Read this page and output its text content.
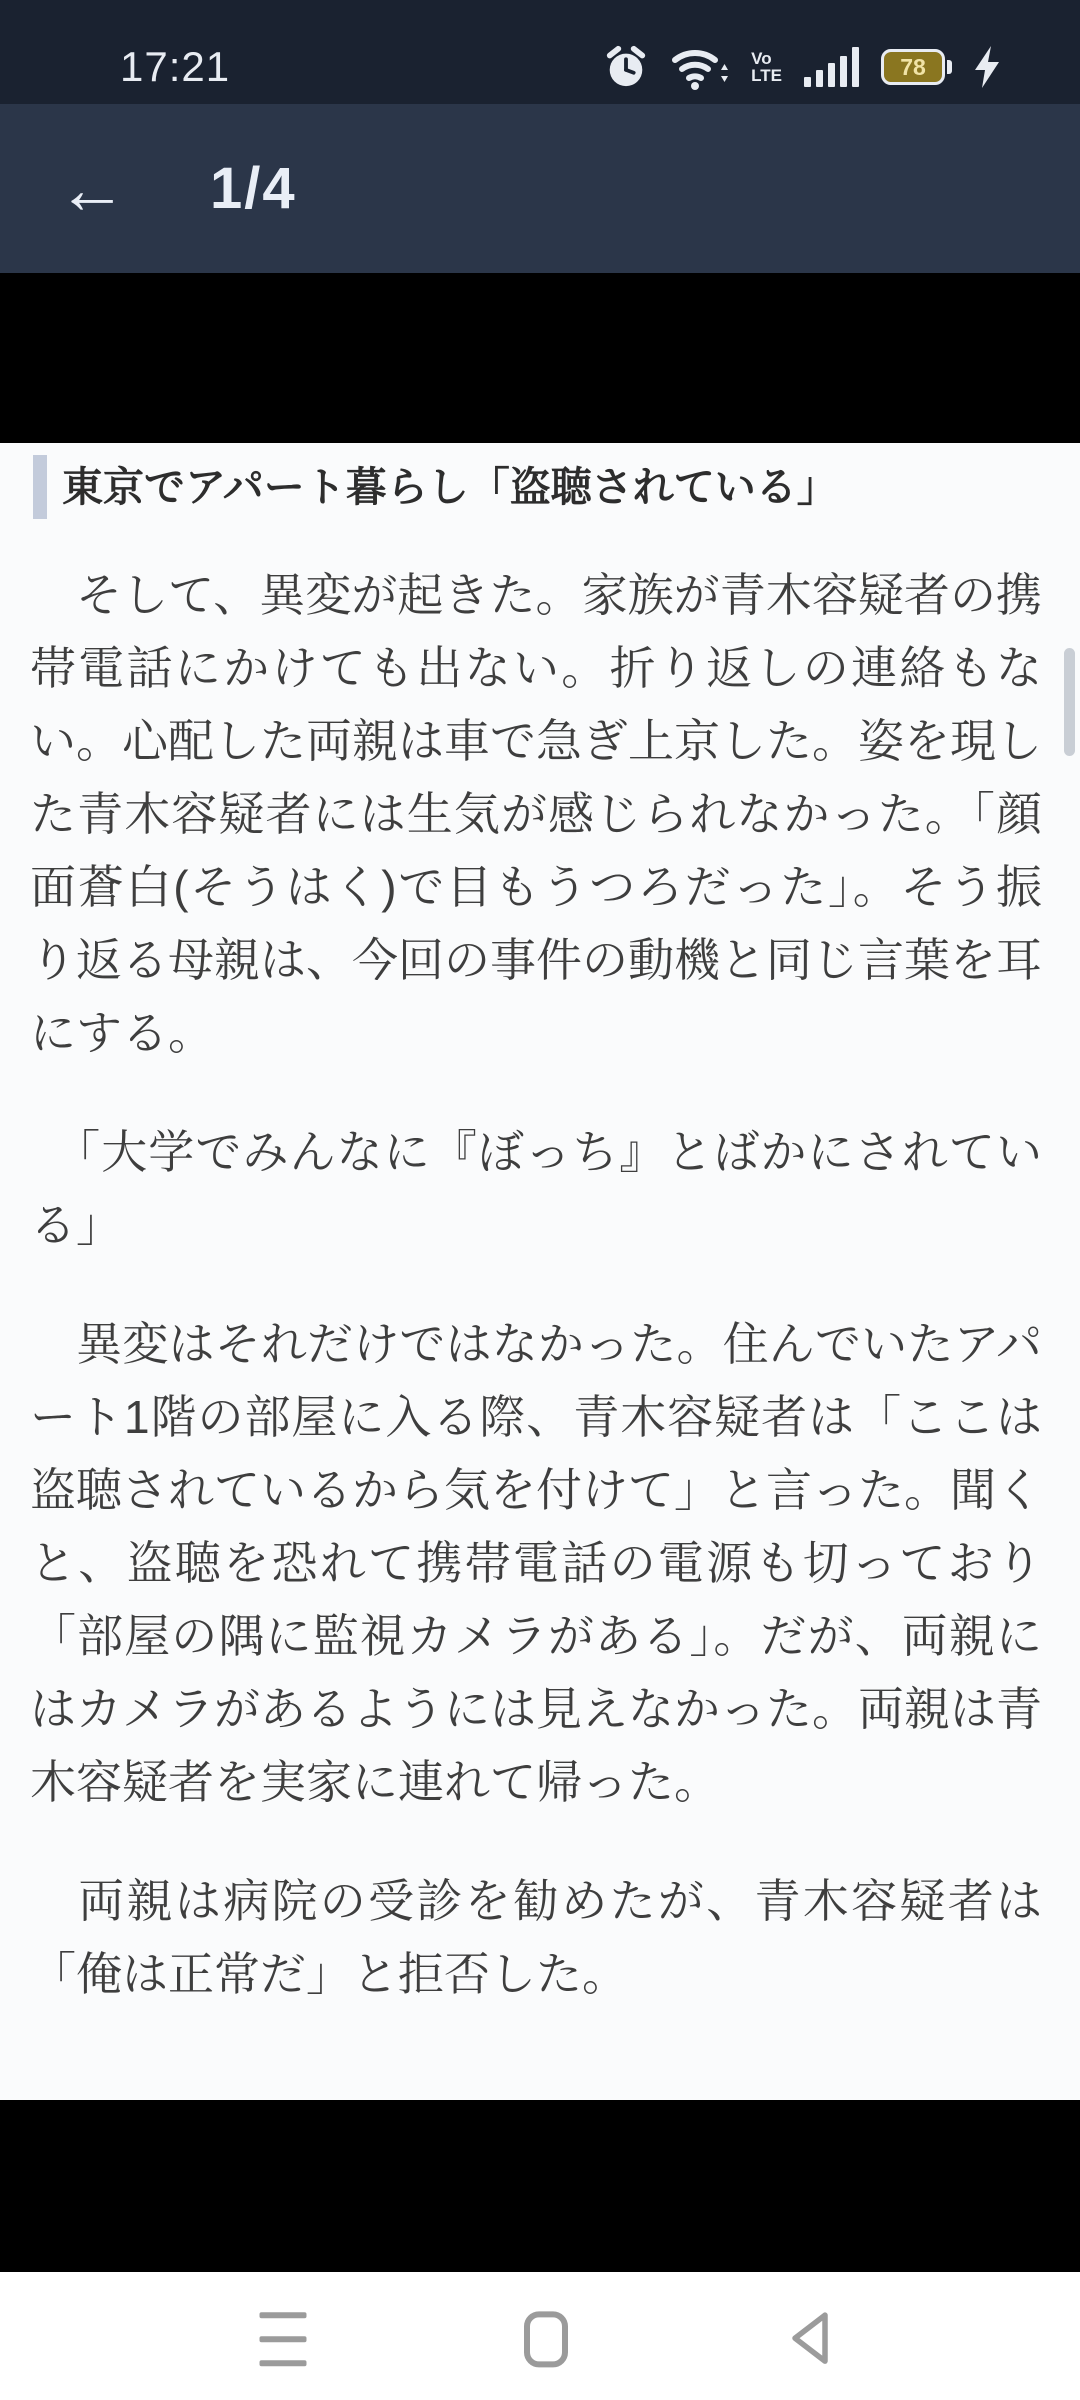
17:21	Vo
LTE	78
← 1/4
東京でアパート暮らし「盗聴されている」

　そして、異変が起きた。家族が青木容疑者の携帯電話にかけても出ない。折り返しの連絡もない。心配した両親は車で急ぎ上京した。姿を現した青木容疑者には生気が感じられなかった。「顔面蒼白(そうはく)で目もうつろだった」。そう振り返る母親は、今回の事件の動機と同じ言葉を耳にする。

　「大学でみんなに『ぼっち』とばかにされている」

　異変はそれだけではなかった。住んでいたアパート1階の部屋に入る際、青木容疑者は「ここは盗聴されているから気を付けて」と言った。聞くと、盗聴を恐れて携帯電話の電源も切っており「部屋の隅に監視カメラがある」。だが、両親にはカメラがあるようには見えなかった。両親は青木容疑者を実家に連れて帰った。

　両親は病院の受診を勧めたが、青木容疑者は「俺は正常だ」と拒否した。
